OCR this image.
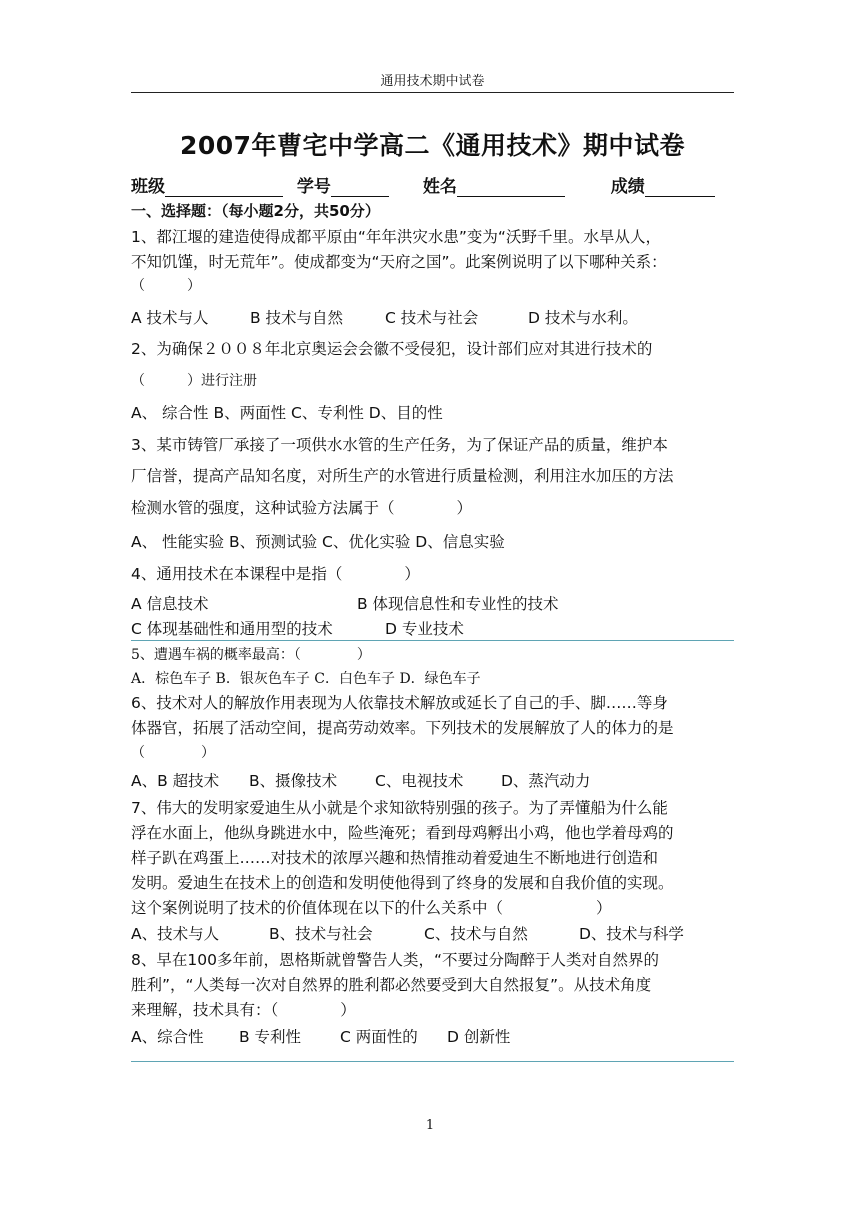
通用技术期中试卷
2007年曹宅中学高二《通用技术》期中试卷
班级	学号	姓名	成绩
一、选择题：（每小题2分，共50分）
1、都江堰的建造使得成都平原由“年年洪灾水患”变为“沃野千里。水旱从人，
不知饥馑，时无荒年”。使成都变为“天府之国”。此案例说明了以下哪种关系：
（　　　）
A 技术与人	B 技术与自然	C 技术与社会	D 技术与水利。
2、为确保２００８年北京奥运会会徽不受侵犯，设计部们应对其进行技术的
（　　　）进行注册
A、 综合性 B、两面性 C、专利性 D、目的性
3、某市铸管厂承接了一项供水水管的生产任务，为了保证产品的质量，维护本
厂信誉，提高产品知名度，对所生产的水管进行质量检测，利用注水加压的方法
检测水管的强度，这种试验方法属于（　　　　）
A、 性能实验 B、预测试验 C、优化实验 D、信息实验
4、通用技术在本课程中是指（　　　　）
A 信息技术	B 体现信息性和专业性的技术
C 体现基础性和通用型的技术	D 专业技术
5、遭遇车祸的概率最高：（　　　　）
A．棕色车子 B．银灰色车子 C．白色车子 D．绿色车子
6、技术对人的解放作用表现为人依靠技术解放或延长了自己的手、脚……等身
体器官，拓展了活动空间，提高劳动效率。下列技术的发展解放了人的体力的是
（　　　　）
A、B 超技术 B、摄像技术 C、电视技术 D、蒸汽动力
7、伟大的发明家爱迪生从小就是个求知欲特别强的孩子。为了弄懂船为什么能
浮在水面上，他纵身跳进水中，险些淹死；看到母鸡孵出小鸡，他也学着母鸡的
样子趴在鸡蛋上……对技术的浓厚兴趣和热情推动着爱迪生不断地进行创造和
发明。爱迪生在技术上的创造和发明使他得到了终身的发展和自我价值的实现。
这个案例说明了技术的价值体现在以下的什么关系中（　　　　　　）
A、技术与人	B、技术与社会	C、技术与自然	D、技术与科学
8、早在100多年前，恩格斯就曾警告人类，“不要过分陶醉于人类对自然界的
胜利”，“人类每一次对自然界的胜利都必然要受到大自然报复”。从技术角度
来理解，技术具有：（　　　　）
A、综合性 B 专利性	C 两面性的 D 创新性
1
